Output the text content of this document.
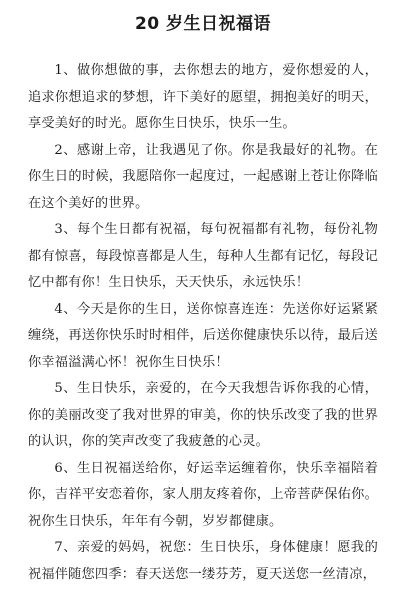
20 岁生日祝福语

1、做你想做的事，去你想去的地方，爱你想爱的人，追求你想追求的梦想，许下美好的愿望，拥抱美好的明天，享受美好的时光。愿你生日快乐，快乐一生。

2、感谢上帝，让我遇见了你。你是我最好的礼物。在你生日的时候，我愿陪你一起度过，一起感谢上苍让你降临在这个美好的世界。

3、每个生日都有祝福，每句祝福都有礼物，每份礼物都有惊喜，每段惊喜都是人生，每种人生都有记忆，每段记忆中都有你！生日快乐，天天快乐，永远快乐！

4、今天是你的生日，送你惊喜连连：先送你好运紧紧缠绕，再送你快乐时时相伴，后送你健康快乐以待，最后送你幸福溢满心怀！祝你生日快乐！

5、生日快乐，亲爱的，在今天我想告诉你我的心情，你的美丽改变了我对世界的审美，你的快乐改变了我的世界的认识，你的笑声改变了我疲惫的心灵。

6、生日祝福送给你，好运幸运缠着你，快乐幸福陪着你，吉祥平安恋着你，家人朋友疼着你，上帝菩萨保佑你。祝你生日快乐，年年有今朝，岁岁都健康。

7、亲爱的妈妈，祝您：生日快乐，身体健康！愿我的祝福伴随您四季：春天送您一缕芬芳，夏天送您一丝清凉，
